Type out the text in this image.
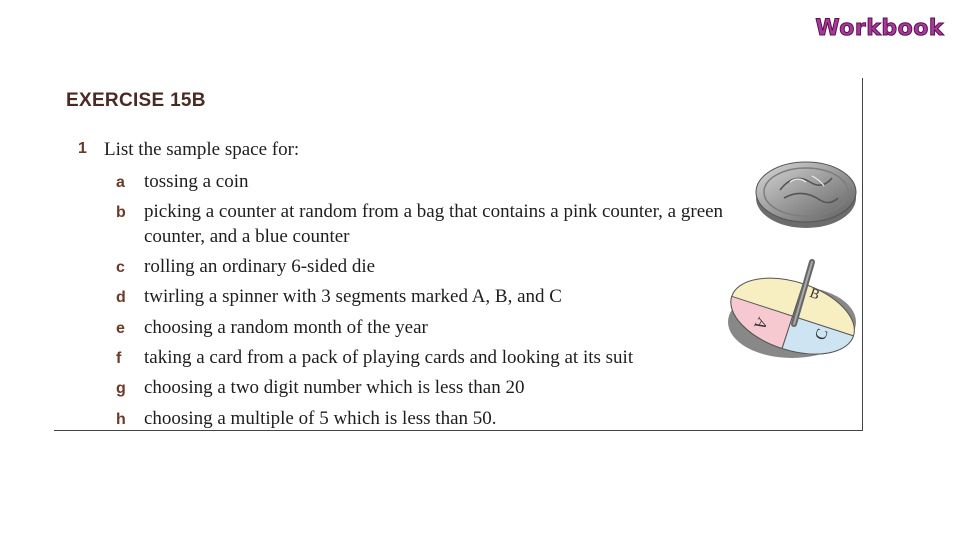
Workbook
EXERCISE 15B
1 List the sample space for:
a tossing a coin
b picking a counter at random from a bag that contains a pink counter, a green counter, and a blue counter
c rolling an ordinary 6-sided die
d twirling a spinner with 3 segments marked A, B, and C
e choosing a random month of the year
f taking a card from a pack of playing cards and looking at its suit
g choosing a two digit number which is less than 20
h choosing a multiple of 5 which is less than 50.
A
B
C
